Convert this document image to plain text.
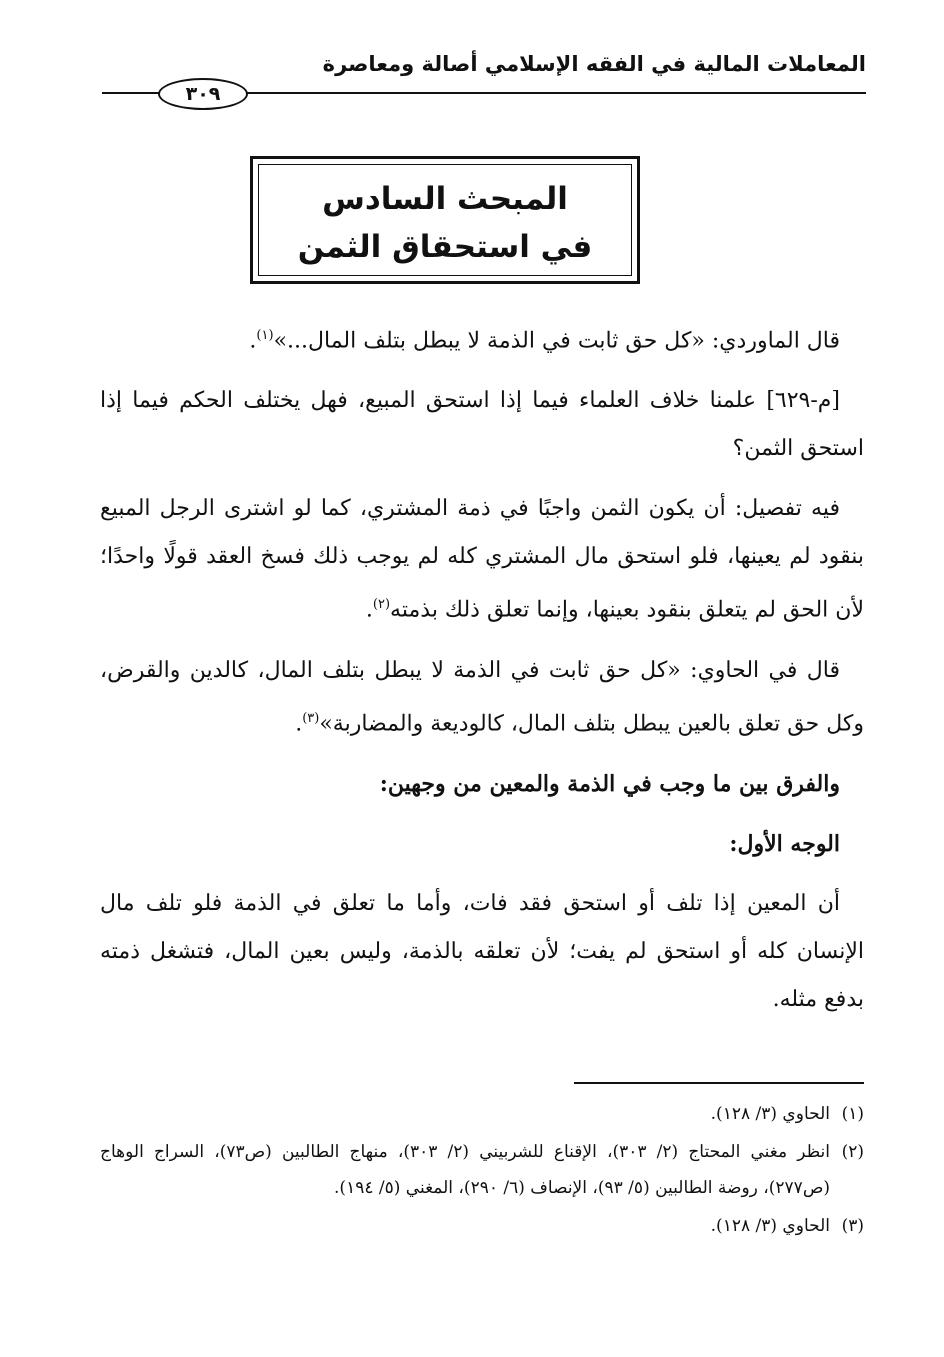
المعاملات المالية في الفقه الإسلامي أصالة ومعاصرة
٣٠٩
المبحث السادس
في استحقاق الثمن

قال الماوردي: «كل حق ثابت في الذمة لا يبطل بتلف المال...»$^{(١)}$.

[م-٦٢٩] علمنا خلاف العلماء فيما إذا استحق المبيع، فهل يختلف الحكم فيما إذا استحق الثمن؟

فيه تفصيل: أن يكون الثمن واجبًا في ذمة المشتري، كما لو اشترى الرجل المبيع بنقود لم يعينها، فلو استحق مال المشتري كله لم يوجب ذلك فسخ العقد قولًا واحدًا؛ لأن الحق لم يتعلق بنقود بعينها، وإنما تعلق ذلك بذمته$^{(٢)}$.

قال في الحاوي: «كل حق ثابت في الذمة لا يبطل بتلف المال، كالدين والقرض، وكل حق تعلق بالعين يبطل بتلف المال، كالوديعة والمضاربة»$^{(٣)}$.

والفرق بين ما وجب في الذمة والمعين من وجهين:

الوجه الأول:

أن المعين إذا تلف أو استحق فقد فات، وأما ما تعلق في الذمة فلو تلف مال الإنسان كله أو استحق لم يفت؛ لأن تعلقه بالذمة، وليس بعين المال، فتشغل ذمته بدفع مثله.

(١)
الحاوي (٣/ ١٢٨).
(٢)
انظر مغني المحتاج (٢/ ٣٠٣)، الإقناع للشربيني (٢/ ٣٠٣)، منهاج الطالبين (ص٧٣)، السراج الوهاج (ص٢٧٧)، روضة الطالبين (٥/ ٩٣)، الإنصاف (٦/ ٢٩٠)، المغني (٥/ ١٩٤).
(٣)
الحاوي (٣/ ١٢٨).
